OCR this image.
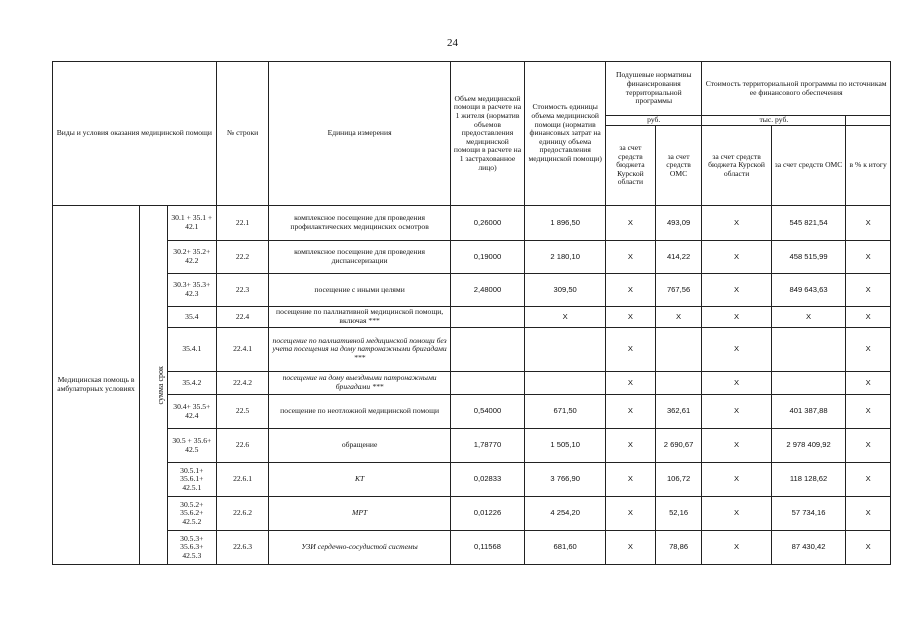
24
Виды и условия оказания медицинской помощи			№ строки	Единица измерения	Объем медицинской помощи в расчете на 1 жителя (норматив объемов предоставления медицинской помощи в расчете на 1 застрахованное лицо)	Стоимость единицы объема медицинской помощи (норматив финансовых затрат на единицу объема предоставления медицинской помощи)	Подушевые нормативы финансирования территориальной программы		Стоимость территориальной программы по источникам ее финансового обеспечения		
							руб.		тыс. руб.		
							за счет средств бюджета Курской области	за счет средств ОМС	за счет средств бюджета Курской области	за счет средств ОМС	в % к итогу
Медицинская помощь в амбулаторных условиях	сумма срок	30.1 + 35.1 + 42.1	22.1	комплексное посещение для проведения профилактических медицинских осмотров	0,26000	1 896,50	Х	493,09	Х	545 821,54	Х
		30.2+ 35.2+ 42.2	22.2	комплексное посещение для проведения диспансеризации	0,19000	2 180,10	Х	414,22	Х	458 515,99	Х
		30.3+ 35.3+ 42.3	22.3	посещение с иными целями	2,48000	309,50	Х	767,56	Х	849 643,63	Х
		35.4	22.4	посещение по паллиативной медицинской помощи, включая ***		Х	Х	Х	Х	Х	Х
		35.4.1	22.4.1	посещение по паллиативной медицинской помощи без учета посещения на дому патронажными бригадами ***			Х		Х		Х
		35.4.2	22.4.2	посещение на дому выездными патронажными бригадами ***			Х		Х		Х
		30.4+ 35.5+ 42.4	22.5	посещение по неотложной медицинской помощи	0,54000	671,50	Х	362,61	Х	401 387,88	Х
		30.5 + 35.6+ 42.5	22.6	обращение	1,78770	1 505,10	Х	2 690,67	Х	2 978 409,92	Х
		30.5.1+ 35.6.1+ 42.5.1	22.6.1	КТ	0,02833	3 766,90	Х	106,72	Х	118 128,62	Х
		30.5.2+ 35.6.2+ 42.5.2	22.6.2	МРТ	0,01226	4 254,20	Х	52,16	Х	57 734,16	Х
		30.5.3+ 35.6.3+ 42.5.3	22.6.3	УЗИ сердечно-сосудистой системы	0,11568	681,60	Х	78,86	Х	87 430,42	Х
